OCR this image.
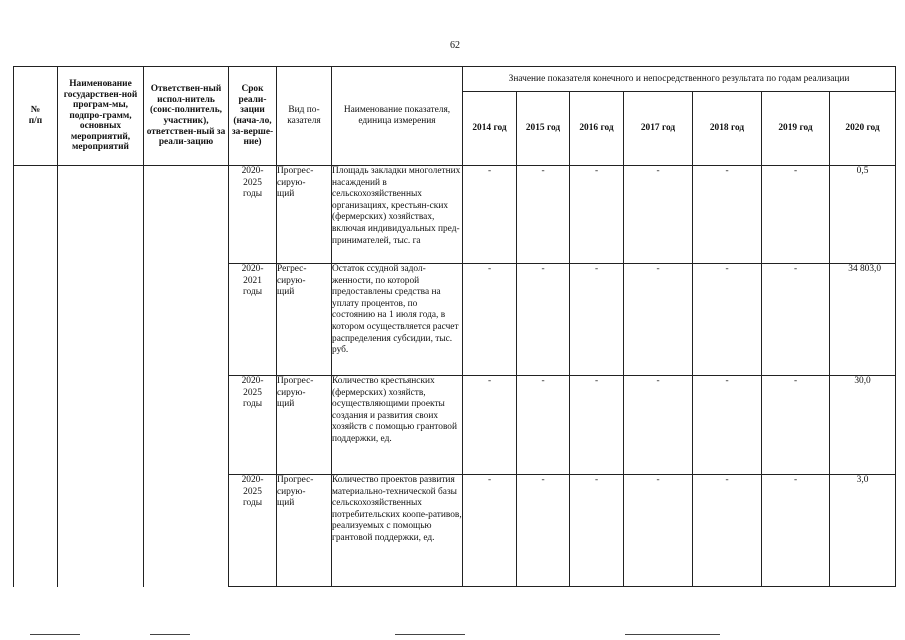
62
№
п/п	Наименование государствен-ной програм-мы, подпро-грамм, основных мероприятий, мероприятий	Ответствен-ный испол-нитель (соис-полнитель, участник), ответствен-ный за реали-зацию	Срок реали-зации (нача-ло, за-верше-ние)	Вид по-казателя	Наименование показателя, единица измерения	Значение показателя конечного и непосредственного результата по годам реализации						
						2014 год	2015 год	2016 год	2017 год	2018 год	2019 год	2020 год
			2020-
2025
годы	Прогрес-
сирую-
щий	Площадь закладки многолетних насаждений в сельскохозяйственных организациях, крестьян-ских (фермерских) хозяйствах, включая индивидуальных пред-принимателей, тыс. га	-	-	-	-	-	-	0,5
			2020-
2021
годы	Регрес-
сирую-
щий	Остаток ссудной задол-женности, по которой предоставлены средства на уплату процентов, по состоянию на 1 июля года, в котором осуществляется расчет распределения субсидии, тыс. руб.	-	-	-	-	-	-	34 803,0
			2020-
2025
годы	Прогрес-
сирую-
щий	Количество крестьянских (фермерских) хозяйств, осуществляющими проекты создания и развития своих хозяйств с помощью грантовой поддержки, ед.	-	-	-	-	-	-	30,0
			2020-
2025
годы	Прогрес-
сирую-
щий	Количество проектов развития материально-технической базы сельскохозяйственных потребительских коопе-ративов, реализуемых с помощью грантовой поддержки, ед.	-	-	-	-	-	-	3,0
